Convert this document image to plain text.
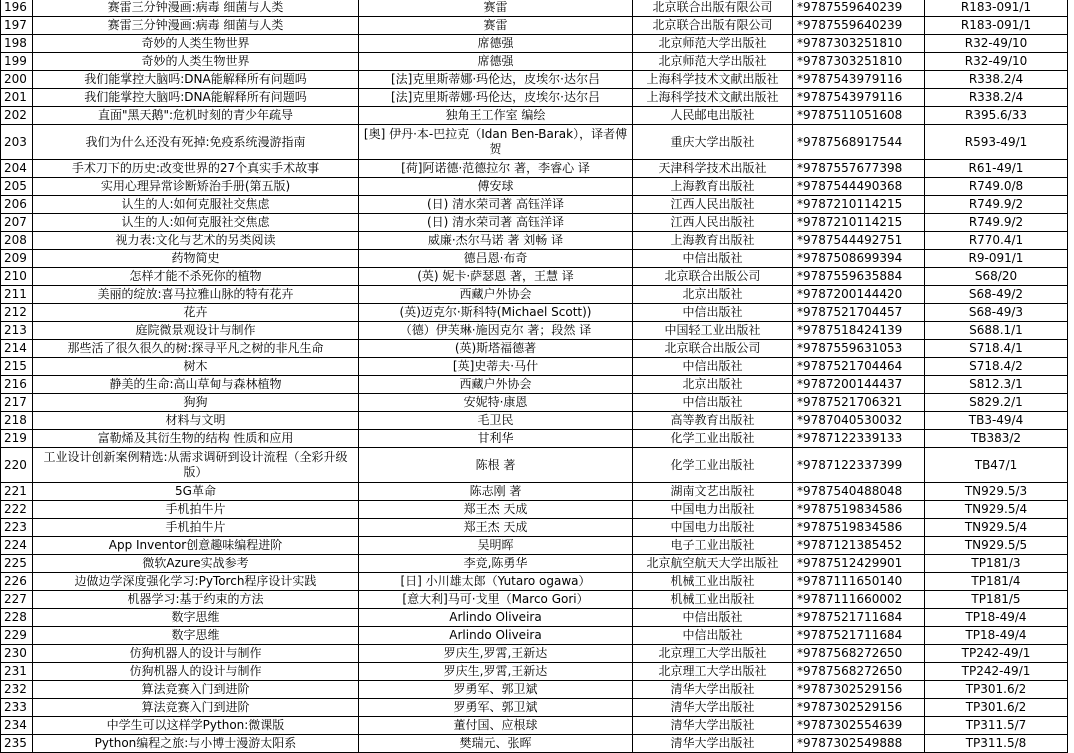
196	赛雷三分钟漫画:病毒 细菌与人类	赛雷	北京联合出版有限公司	*9787559640239	R183-091/1
197	赛雷三分钟漫画:病毒 细菌与人类	赛雷	北京联合出版有限公司	*9787559640239	R183-091/1
198	奇妙的人类生物世界	席德强	北京师范大学出版社	*9787303251810	R32-49/10
199	奇妙的人类生物世界	席德强	北京师范大学出版社	*9787303251810	R32-49/10
200	我们能掌控大脑吗:DNA能解释所有问题吗	[法]克里斯蒂娜·玛伦达，皮埃尔·达尔吕	上海科学技术文献出版社	*9787543979116	R338.2/4
201	我们能掌控大脑吗:DNA能解释所有问题吗	[法]克里斯蒂娜·玛伦达，皮埃尔·达尔吕	上海科学技术文献出版社	*9787543979116	R338.2/4
202	直面"黑天鹅":危机时刻的青少年疏导	独角王工作室 编绘	人民邮电出版社	*9787511051608	R395.6/33
203	我们为什么还没有死掉:免疫系统漫游指南	[奥] 伊丹·本-巴拉克（Idan Ben-Barak），译者傅贺	重庆大学出版社	*9787568917544	R593-49/1
204	手术刀下的历史:改变世界的27个真实手术故事	[荷]阿诺德·范德拉尔 著，李睿心 译	天津科学技术出版社	*9787557677398	R61-49/1
205	实用心理异常诊断矫治手册(第五版)	傅安球	上海教育出版社	*9787544490368	R749.0/8
206	认生的人:如何克服社交焦虑	(日) 清水荣司著 高钰洋译	江西人民出版社	*9787210114215	R749.9/2
207	认生的人:如何克服社交焦虑	(日) 清水荣司著 高钰洋译	江西人民出版社	*9787210114215	R749.9/2
208	视力表:文化与艺术的另类阅读	威廉·杰尔马诺 著 刘畅 译	上海教育出版社	*9787544492751	R770.4/1
209	药物简史	德吕恩·布奇	中信出版社	*9787508699394	R9-091/1
210	怎样才能不杀死你的植物	(英) 妮卡·萨瑟恩 著，王慧 译	北京联合出版公司	*9787559635884	S68/20
211	美丽的绽放:喜马拉雅山脉的特有花卉	西藏户外协会	北京出版社	*9787200144420	S68-49/2
212	花卉	(英)迈克尔·斯科特(Michael Scott))	中信出版社	*9787521704457	S68-49/3
213	庭院微景观设计与制作	（德）伊芙琳·施因克尔 著；段然 译	中国轻工业出版社	*9787518424139	S688.1/1
214	那些活了很久很久的树:探寻平凡之树的非凡生命	(英)斯塔福德著	北京联合出版公司	*9787559631053	S718.4/1
215	树木	[英]史蒂夫·马什	中信出版社	*9787521704464	S718.4/2
216	静美的生命:高山草甸与森林植物	西藏户外协会	北京出版社	*9787200144437	S812.3/1
217	狗狗	安妮特·康恩	中信出版社	*9787521706321	S829.2/1
218	材料与文明	毛卫民	高等教育出版社	*9787040530032	TB3-49/4
219	富勒烯及其衍生物的结构 性质和应用	甘利华	化学工业出版社	*9787122339133	TB383/2
220	工业设计创新案例精选:从需求调研到设计流程（全彩升级版）	陈根 著	化学工业出版社	*9787122337399	TB47/1
221	5G革命	陈志刚 著	湖南文艺出版社	*9787540488048	TN929.5/3
222	手机拍牛片	郑王杰 天成	中国电力出版社	*9787519834586	TN929.5/4
223	手机拍牛片	郑王杰 天成	中国电力出版社	*9787519834586	TN929.5/4
224	App Inventor创意趣味编程进阶	吴明晖	电子工业出版社	*9787121385452	TN929.5/5
225	微软Azure实战参考	李竞,陈勇华	北京航空航天大学出版社	*9787512429901	TP181/3
226	边做边学深度强化学习:PyTorch程序设计实践	[日] 小川雄太郎（Yutaro ogawa）	机械工业出版社	*9787111650140	TP181/4
227	机器学习:基于约束的方法	[意大利]马可·戈里（Marco Gori）	机械工业出版社	*9787111660002	TP181/5
228	数字思维	Arlindo Oliveira	中信出版社	*9787521711684	TP18-49/4
229	数字思维	Arlindo Oliveira	中信出版社	*9787521711684	TP18-49/4
230	仿狗机器人的设计与制作	罗庆生,罗霄,王新达	北京理工大学出版社	*9787568272650	TP242-49/1
231	仿狗机器人的设计与制作	罗庆生,罗霄,王新达	北京理工大学出版社	*9787568272650	TP242-49/1
232	算法竞赛入门到进阶	罗勇军、郭卫斌	清华大学出版社	*9787302529156	TP301.6/2
233	算法竞赛入门到进阶	罗勇军、郭卫斌	清华大学出版社	*9787302529156	TP301.6/2
234	中学生可以这样学Python:微课版	董付国、应根球	清华大学出版社	*9787302554639	TP311.5/7
235	Python编程之旅:与小博士漫游太阳系	樊瑞元、张晖	清华大学出版社	*9787302549888	TP311.5/8
